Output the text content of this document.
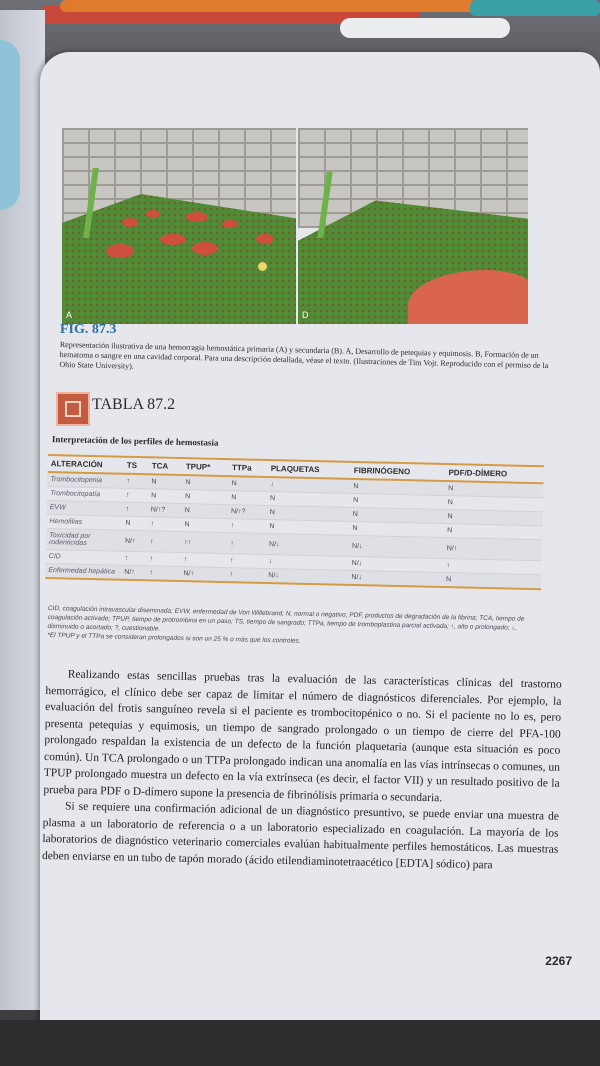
A	D
FIG. 87.3
Representación ilustrativa de una hemorragia hemostática primaria (A) y secundaria (B). A, Desarrollo de petequias y equimosis. B, Formación de un hematoma o sangre en una cavidad corporal. Para una descripción detallada, véase el texto. (Ilustraciones de Tim Vojt. Reproducido con el permiso de la Ohio State University).
TABLA 87.2
Interpretación de los perfiles de hemostasia
ALTERACIÓN	TS	TCA	TPUP*	TTPa	PLAQUETAS	FIBRINÓGENO	PDF/D-DÍMERO
Trombocitopenia	↑	N	N	N	↓	N	N
Trombocitopatía	↑	N	N	N	N	N	N
EVW	↑	N/↑?	N	N/↑?	N	N	N
Hemofilias	N	↑	N	↑	N	N	N
Toxicidad por rodenticidas	N/↑	↑	↑↑	↑	N/↓	N/↓	N/↑
CID	↑	↑	↑	↑	↓	N/↓	↑
Enfermedad hepática	N/↑	↑	N/↑	↑	N/↓	N/↓	N

CID, coagulación intravascular diseminada; EVW, enfermedad de Von Willebrand; N, normal o negativo; PDF, productos de degradación de la fibrina; TCA, tiempo de coagulación activado; TPUP, tiempo de protrombina en un paso; TS, tiempo de sangrado; TTPa, tiempo de tromboplastina parcial activada; ↑, alto o prolongado; ↓, disminuido o acortado; ?, cuestionable.

*El TPUP y el TTPa se consideran prolongados si son un 25 % o más que los controles.

Realizando estas sencillas pruebas tras la evaluación de las características clínicas del trastorno hemorrágico, el clínico debe ser capaz de limitar el número de diagnósticos diferenciales. Por ejemplo, la evaluación del frotis sanguíneo revela si el paciente es trombocitopénico o no. Si el paciente no lo es, pero presenta petequias y equimosis, un tiempo de sangrado prolongado o un tiempo de cierre del PFA-100 prolongado respaldan la existencia de un defecto de la función plaquetaria (aunque esta situación es poco común). Un TCA prolongado o un TTPa prolongado indican una anomalía en las vías intrínsecas o comunes, un TPUP prolongado muestra un defecto en la vía extrínseca (es decir, el factor VII) y un resultado positivo de la prueba para PDF o D-dímero supone la presencia de fibrinólisis primaria o secundaria.

Si se requiere una confirmación adicional de un diagnóstico presuntivo, se puede enviar una muestra de plasma a un laboratorio de referencia o a un laboratorio especializado en coagulación. La mayoría de los laboratorios de diagnóstico veterinario comerciales evalúan habitualmente perfiles hemostáticos. Las muestras deben enviarse en un tubo de tapón morado (ácido etilendiaminotetraacético [EDTA] sódico) para

2267
